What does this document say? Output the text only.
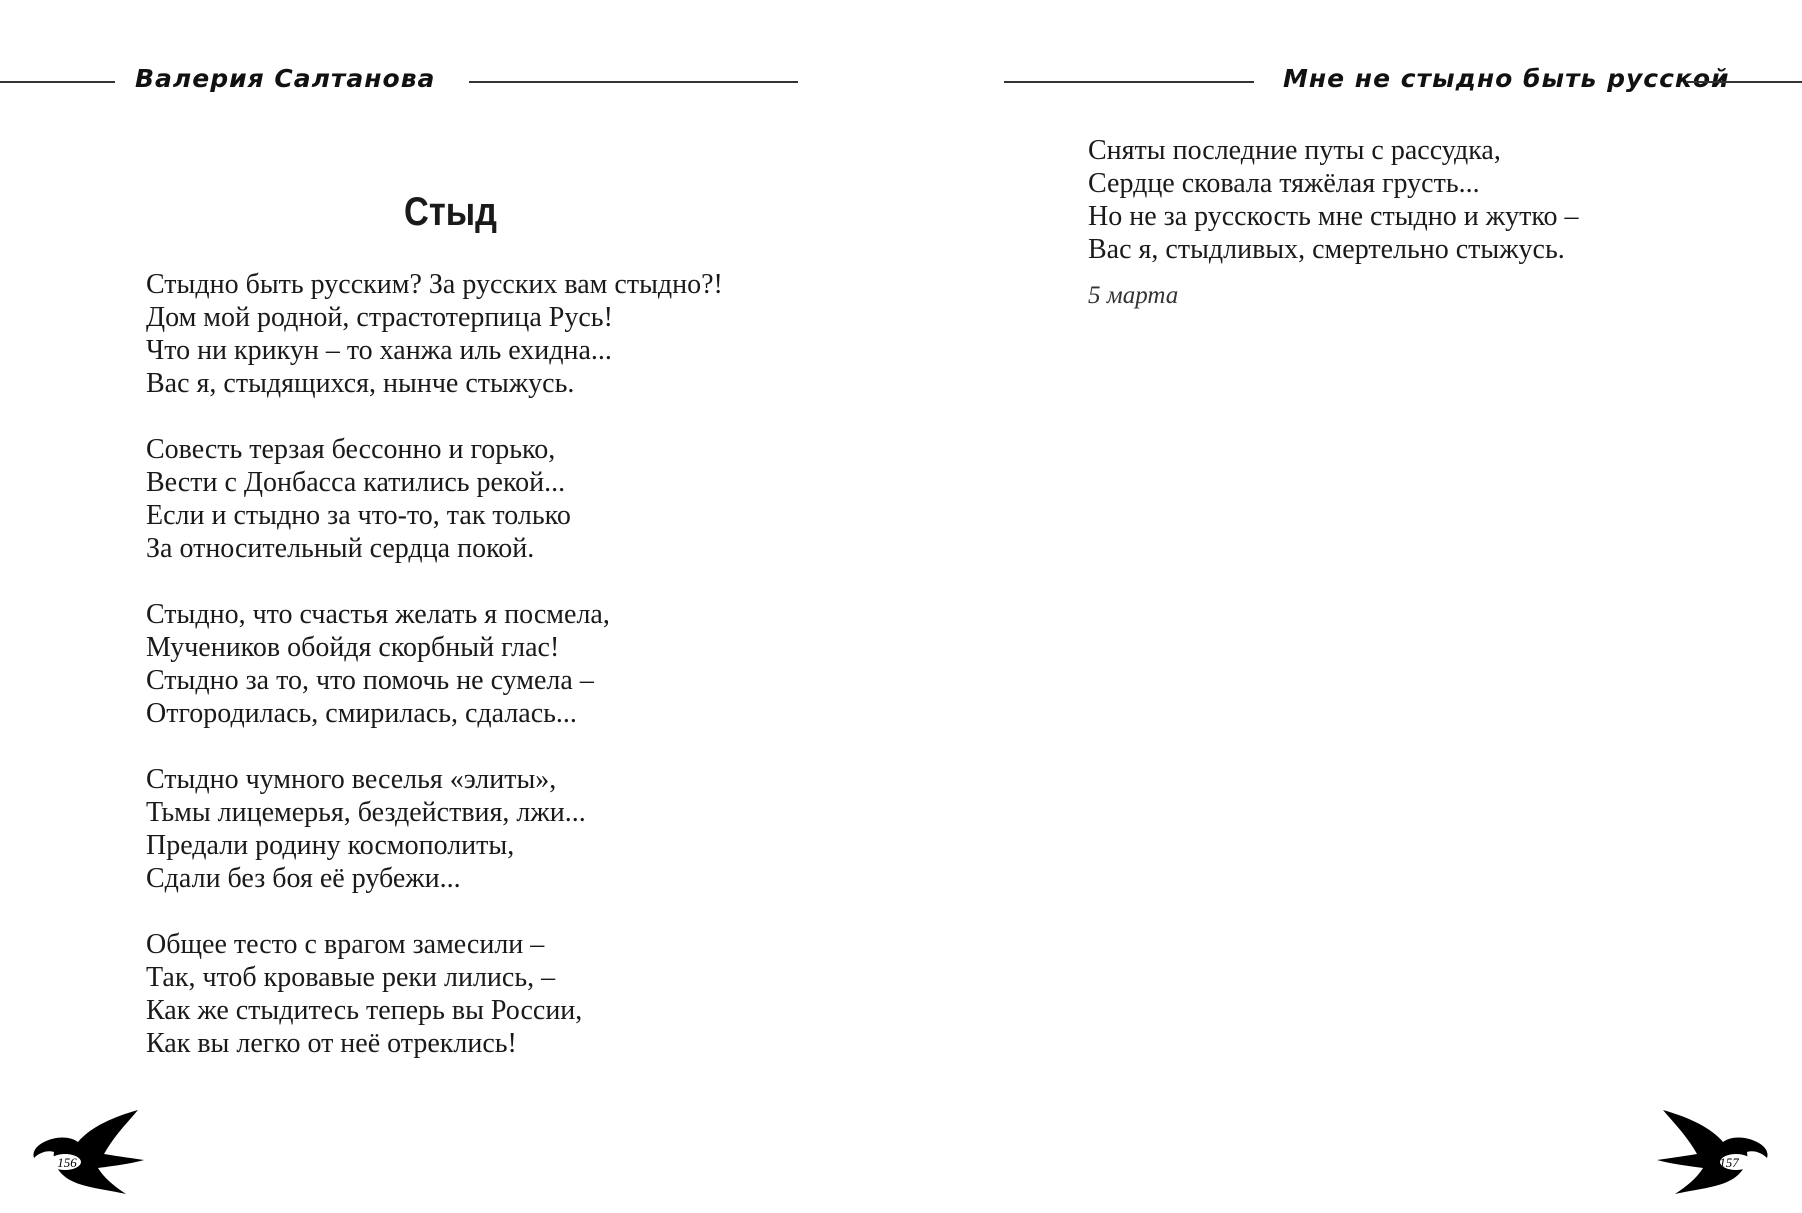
Валерия Салтанова
Стыд
Стыдно быть русским? За русских вам стыдно?!
Дом мой родной, страстотерпица Русь!
Что ни крикун – то ханжа иль ехидна...
Вас я, стыдящихся, нынче стыжусь.
Совесть терзая бессонно и горько,
Вести с Донбасса катились рекой...
Если и стыдно за что-то, так только
За относительный сердца покой.
Стыдно, что счастья желать я посмела,
Мучеников обойдя скорбный глас!
Стыдно за то, что помочь не сумела –
Отгородилась, смирилась, сдалась...
Стыдно чумного веселья «элиты»,
Тьмы лицемерья, бездействия, лжи...
Предали родину космополиты,
Сдали без боя её рубежи...
Общее тесто с врагом замесили –
Так, чтоб кровавые реки лились, –
Как же стыдитесь теперь вы России,
Как вы легко от неё отреклись!
156
Мне не стыдно быть русской
Сняты последние путы с рассудка,
Сердце сковала тяжёлая грусть...
Но не за русскость мне стыдно и жутко –
Вас я, стыдливых, смертельно стыжусь.
5 марта
157
